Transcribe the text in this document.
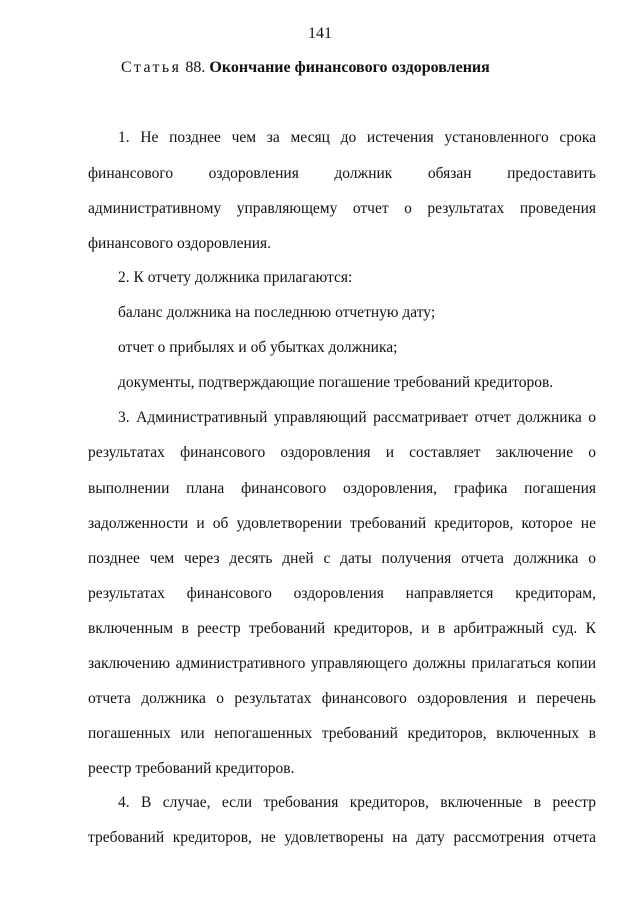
141
Статья 88. Окончание финансового оздоровления
1. Не позднее чем за месяц до истечения установленного срока
финансового оздоровления должник обязан предоставить
административному управляющему отчет о результатах проведения
финансового оздоровления.
2. К отчету должника прилагаются:
баланс должника на последнюю отчетную дату;
отчет о прибылях и об убытках должника;
документы, подтверждающие погашение требований кредиторов.
3. Административный управляющий рассматривает отчет должника о
результатах финансового оздоровления и составляет заключение о
выполнении плана финансового оздоровления, графика погашения
задолженности и об удовлетворении требований кредиторов, которое не
позднее чем через десять дней с даты получения отчета должника о
результатах финансового оздоровления направляется кредиторам,
включенным в реестр требований кредиторов, и в арбитражный суд. К
заключению административного управляющего должны прилагаться копии
отчета должника о результатах финансового оздоровления и перечень
погашенных или непогашенных требований кредиторов, включенных в
реестр требований кредиторов.
4. В случае, если требования кредиторов, включенные в реестр
требований кредиторов, не удовлетворены на дату рассмотрения отчета
